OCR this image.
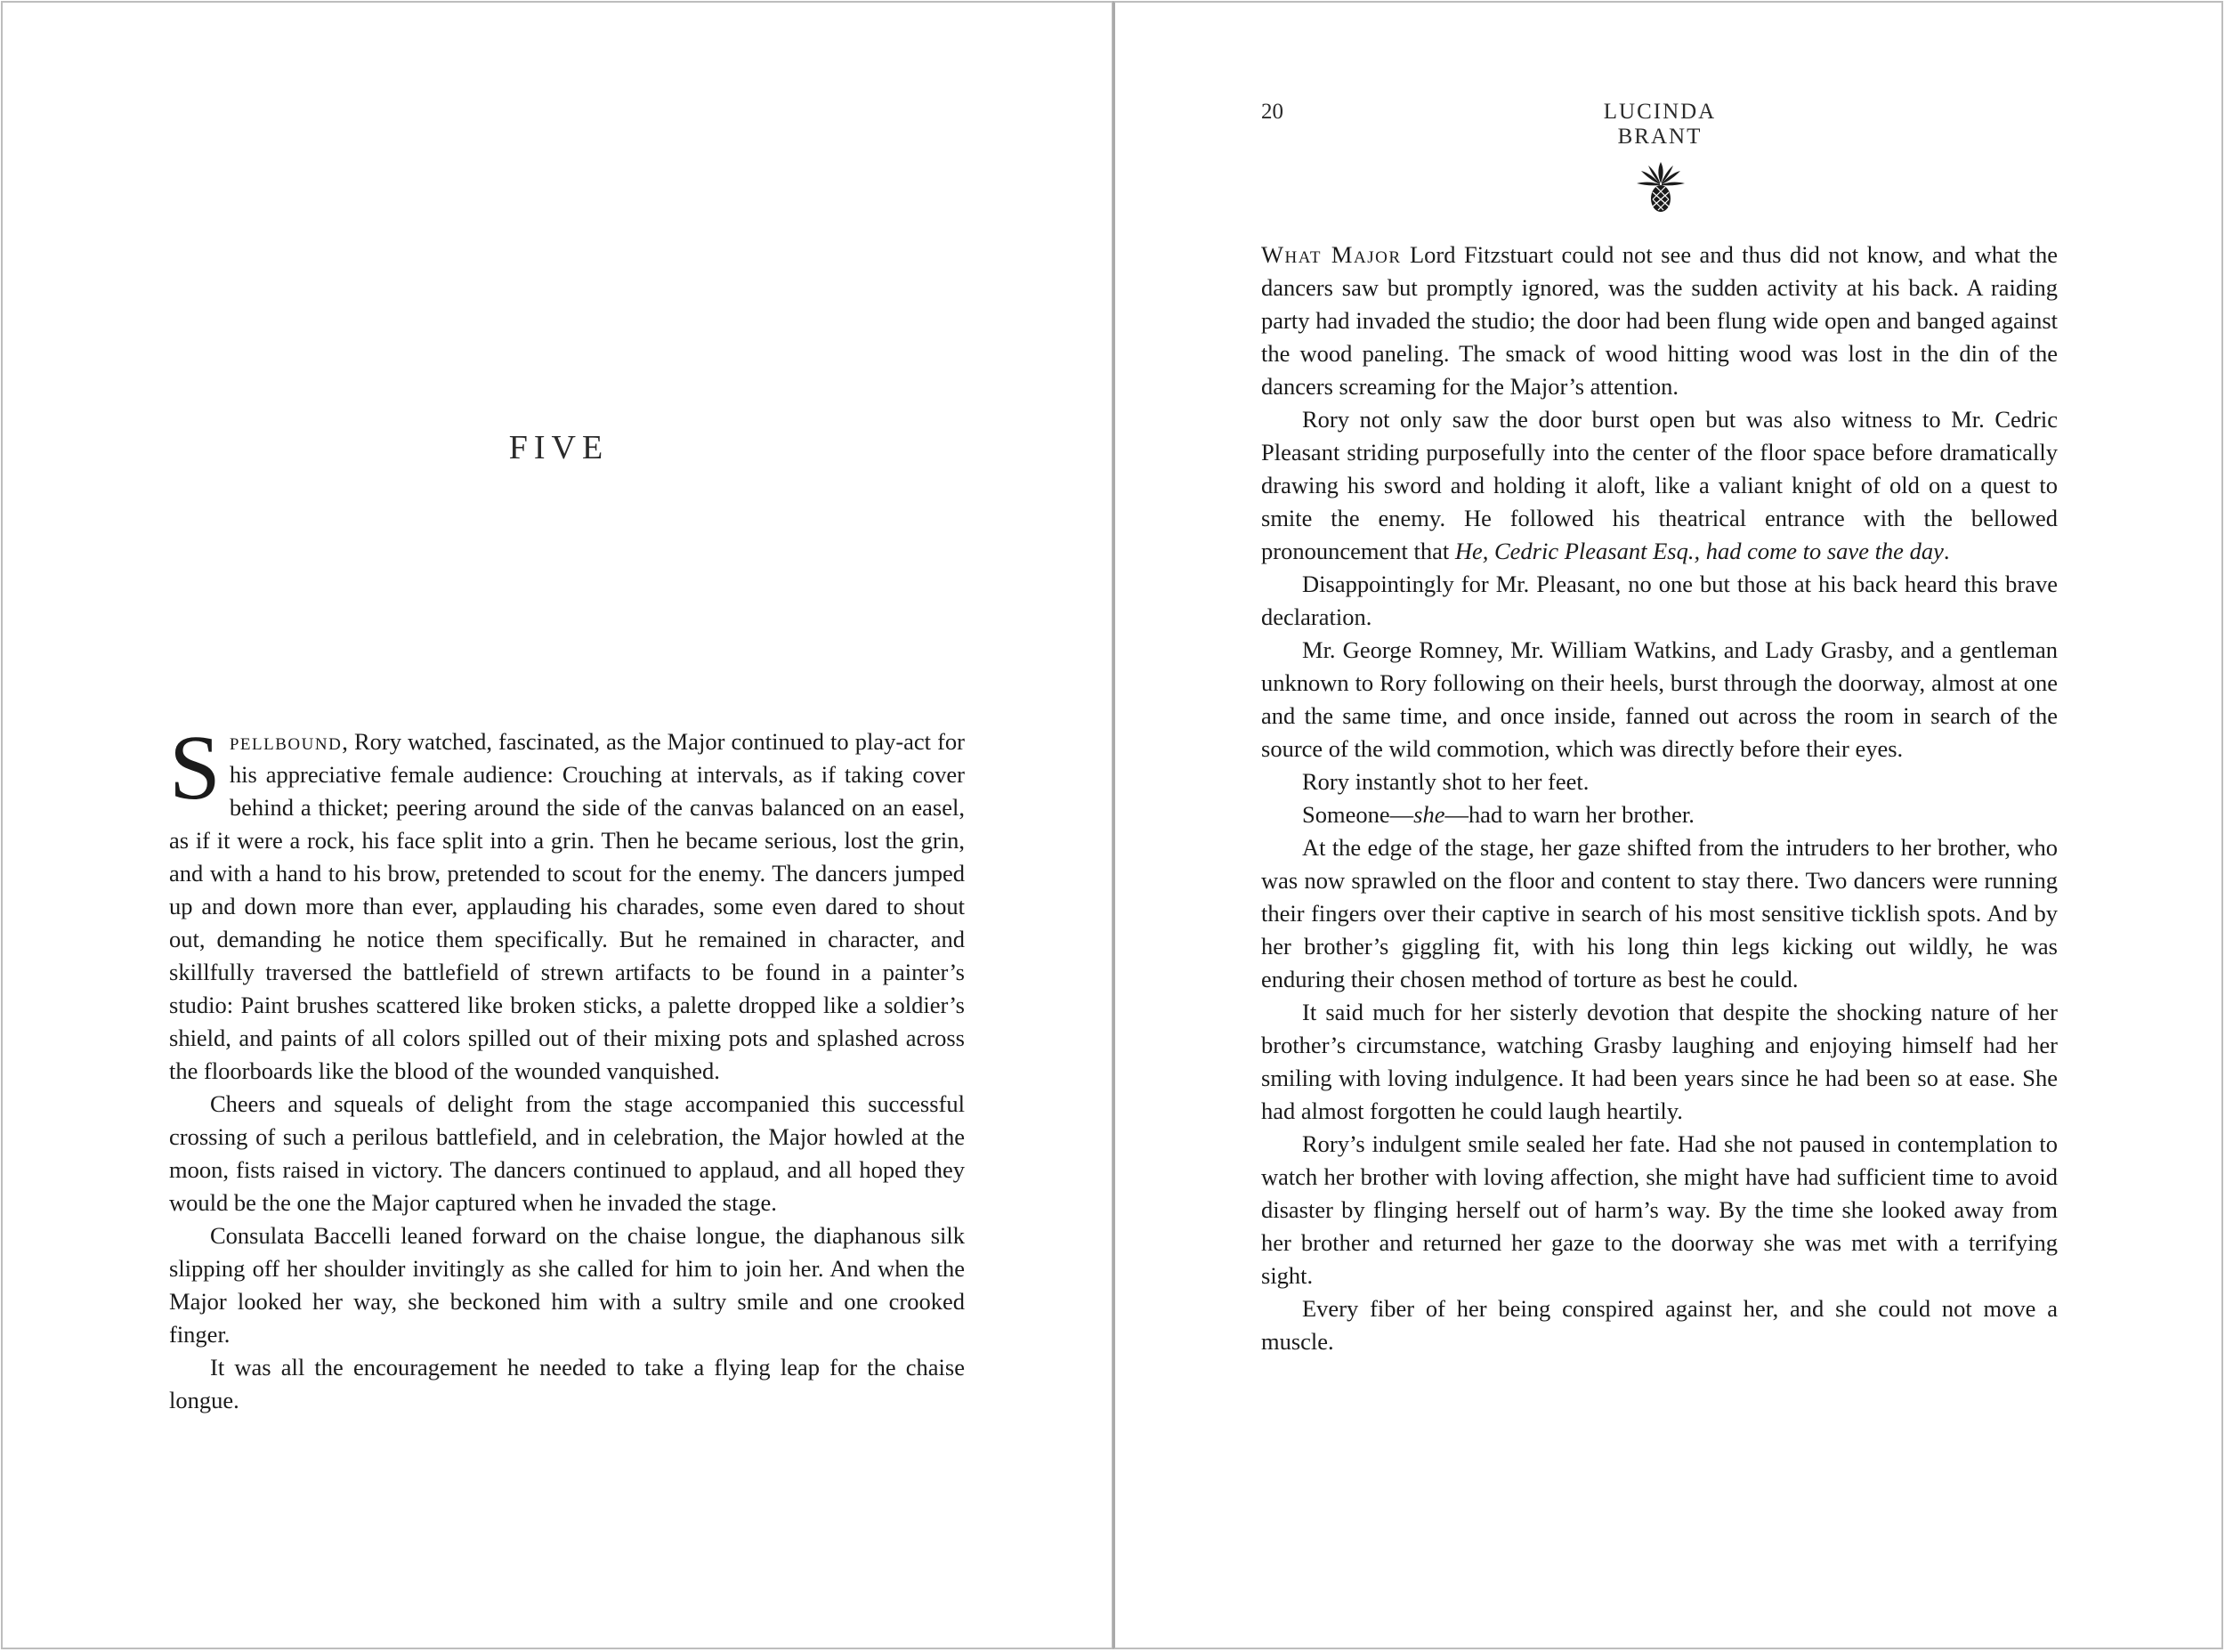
FIVE

Spellbound, Rory watched, fascinated, as the Major continued to play-act for his appreciative female audience: Crouching at intervals, as if taking cover behind a thicket; peering around the side of the canvas balanced on an easel, as if it were a rock, his face split into a grin. Then he became serious, lost the grin, and with a hand to his brow, pretended to scout for the enemy. The dancers jumped up and down more than ever, applauding his charades, some even dared to shout out, demanding he notice them specifically. But he remained in character, and skillfully traversed the battlefield of strewn artifacts to be found in a painter’s studio: Paint brushes scattered like broken sticks, a palette dropped like a soldier’s shield, and paints of all colors spilled out of their mixing pots and splashed across the floorboards like the blood of the wounded vanquished.

Cheers and squeals of delight from the stage accompanied this successful crossing of such a perilous battlefield, and in celebration, the Major howled at the moon, fists raised in victory. The dancers continued to applaud, and all hoped they would be the one the Major captured when he invaded the stage.

Consulata Baccelli leaned forward on the chaise longue, the diaphanous silk slipping off her shoulder invitingly as she called for him to join her. And when the Major looked her way, she beckoned him with a sultry smile and one crooked finger.

It was all the encouragement he needed to take a flying leap for the chaise longue.

20	LUCINDA BRANT

What Major Lord Fitzstuart could not see and thus did not know, and what the dancers saw but promptly ignored, was the sudden activity at his back. A raiding party had invaded the studio; the door had been flung wide open and banged against the wood paneling. The smack of wood hitting wood was lost in the din of the dancers screaming for the Major’s attention.

Rory not only saw the door burst open but was also witness to Mr. Cedric Pleasant striding purposefully into the center of the floor space before dramatically drawing his sword and holding it aloft, like a valiant knight of old on a quest to smite the enemy. He followed his theatrical entrance with the bellowed pronouncement that He, Cedric Pleasant Esq., had come to save the day.

Disappointingly for Mr. Pleasant, no one but those at his back heard this brave declaration.

Mr. George Romney, Mr. William Watkins, and Lady Grasby, and a gentleman unknown to Rory following on their heels, burst through the doorway, almost at one and the same time, and once inside, fanned out across the room in search of the source of the wild commotion, which was directly before their eyes.

Rory instantly shot to her feet.

Someone—she—had to warn her brother.

At the edge of the stage, her gaze shifted from the intruders to her brother, who was now sprawled on the floor and content to stay there. Two dancers were running their fingers over their captive in search of his most sensitive ticklish spots. And by her brother’s giggling fit, with his long thin legs kicking out wildly, he was enduring their chosen method of torture as best he could.

It said much for her sisterly devotion that despite the shocking nature of her brother’s circumstance, watching Grasby laughing and enjoying himself had her smiling with loving indulgence. It had been years since he had been so at ease. She had almost forgotten he could laugh heartily.

Rory’s indulgent smile sealed her fate. Had she not paused in contemplation to watch her brother with loving affection, she might have had sufficient time to avoid disaster by flinging herself out of harm’s way. By the time she looked away from her brother and returned her gaze to the doorway she was met with a terrifying sight.

Every fiber of her being conspired against her, and she could not move a muscle.
